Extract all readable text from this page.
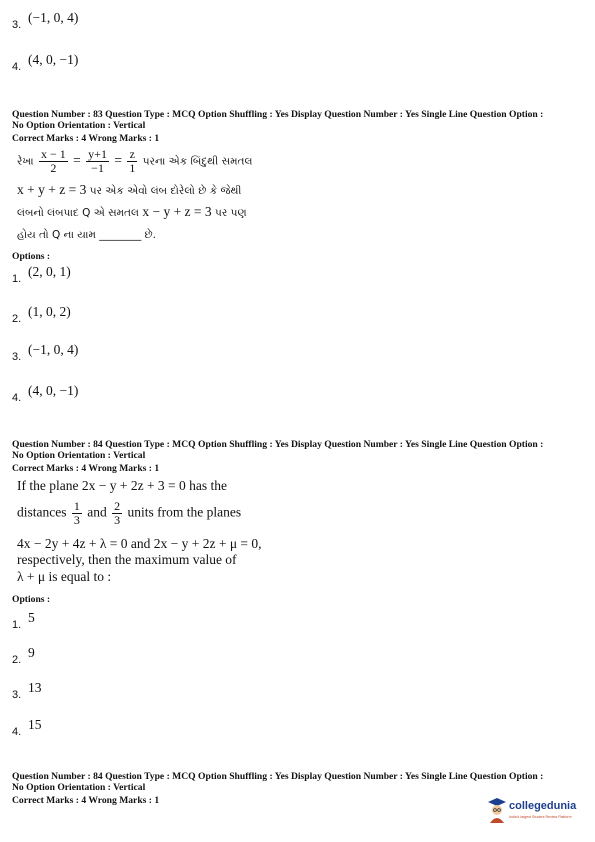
3. (−1, 0, 4)
4. (4, 0, −1)
Question Number : 83 Question Type : MCQ Option Shuffling : Yes Display Question Number : Yes Single Line Question Option :
No Option Orientation : Vertical
Correct Marks : 4 Wrong Marks : 1
રેખા $\frac{x - 1}{2} = \frac{y+1}{-1} = \frac{z}{1}$ પરના એક બિંદુથી સમતલ
x + y + z = 3 પર એક એવો લંબ દોરેલો છે કે જેથી
લંબનો લંબપાદ Q એ સમતલ x − y + z = 3 પર પણ
હોય તો Q ના યામ ________ છે.
Options :
1. (2, 0, 1)
2. (1, 0, 2)
3. (−1, 0, 4)
4. (4, 0, −1)
Question Number : 84 Question Type : MCQ Option Shuffling : Yes Display Question Number : Yes Single Line Question Option :
No Option Orientation : Vertical
Correct Marks : 4 Wrong Marks : 1
If the plane 2x − y + 2z + 3 = 0 has the
distances $\frac{1}{3}$ and $\frac{2}{3}$ units from the planes
4x − 2y + 4z + λ = 0 and 2x − y + 2z + μ = 0,
respectively, then the maximum value of
λ + μ is equal to :
Options :
1. 5
2. 9
3. 13
4. 15
Question Number : 84 Question Type : MCQ Option Shuffling : Yes Display Question Number : Yes Single Line Question Option :
No Option Orientation : Vertical
Correct Marks : 4 Wrong Marks : 1	collegedunia
India's largest Student Review Platform
